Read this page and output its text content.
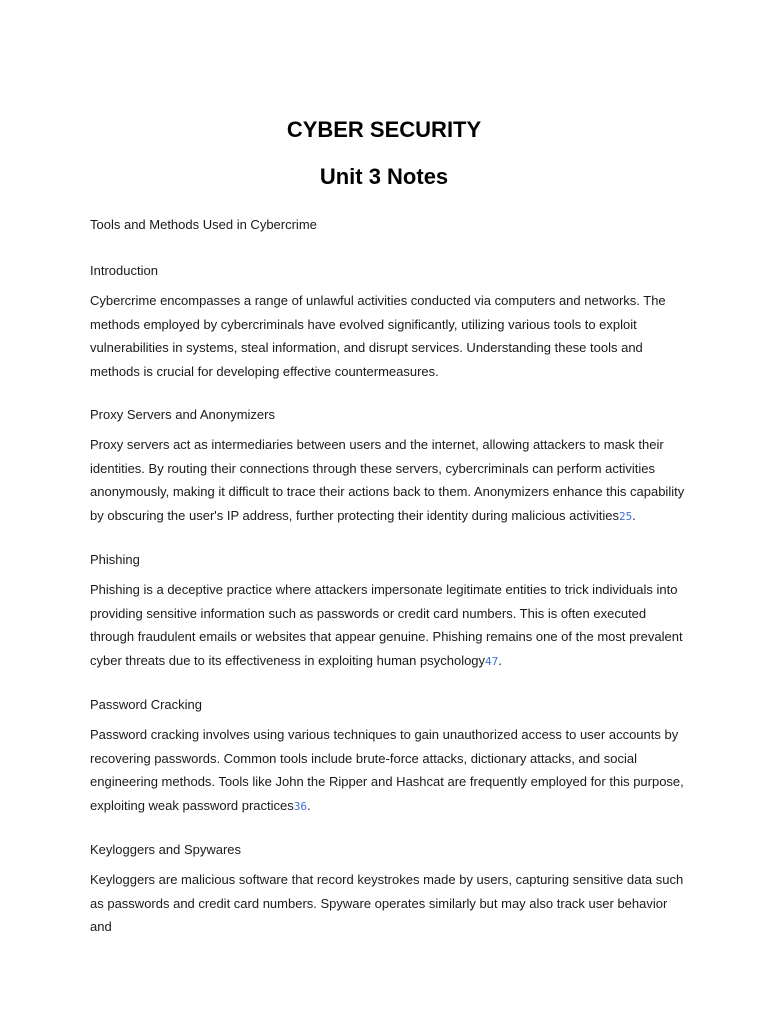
CYBER SECURITY
Unit 3 Notes

Tools and Methods Used in Cybercrime

Introduction

Cybercrime encompasses a range of unlawful activities conducted via computers and networks. The methods employed by cybercriminals have evolved significantly, utilizing various tools to exploit vulnerabilities in systems, steal information, and disrupt services. Understanding these tools and methods is crucial for developing effective countermeasures.

Proxy Servers and Anonymizers

Proxy servers act as intermediaries between users and the internet, allowing attackers to mask their identities. By routing their connections through these servers, cybercriminals can perform activities anonymously, making it difficult to trace their actions back to them. Anonymizers enhance this capability by obscuring the user's IP address, further protecting their identity during malicious activities25.

Phishing

Phishing is a deceptive practice where attackers impersonate legitimate entities to trick individuals into providing sensitive information such as passwords or credit card numbers. This is often executed through fraudulent emails or websites that appear genuine. Phishing remains one of the most prevalent cyber threats due to its effectiveness in exploiting human psychology47.

Password Cracking

Password cracking involves using various techniques to gain unauthorized access to user accounts by recovering passwords. Common tools include brute-force attacks, dictionary attacks, and social engineering methods. Tools like John the Ripper and Hashcat are frequently employed for this purpose, exploiting weak password practices36.

Keyloggers and Spywares

Keyloggers are malicious software that record keystrokes made by users, capturing sensitive data such as passwords and credit card numbers. Spyware operates similarly but may also track user behavior and
